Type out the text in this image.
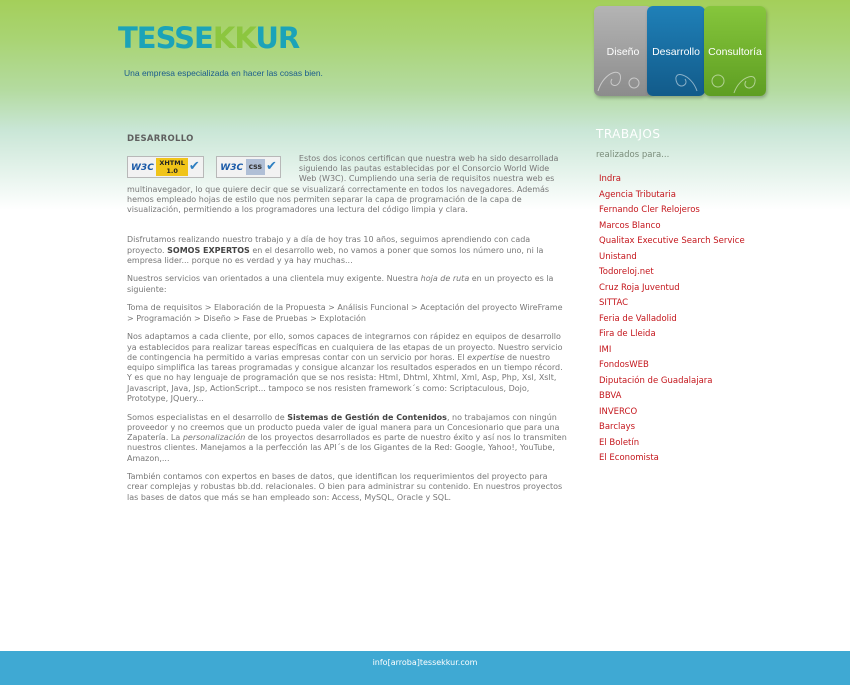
TESSEKKUR
Una empresa especializada en hacer las cosas bien.
Diseño	Desarrollo Consultoría
DESARROLLO
W3C XHTML
1.0 ✔ W3C css ✔

Estos dos iconos certifican que nuestra web ha sido desarrollada siguiendo las pautas establecidas por el Consorcio World Wide Web (W3C). Cumpliendo una seria de requisitos nuestra web es multinavegador, lo que quiere decir que se visualizará correctamente en todos los navegadores. Además hemos empleado hojas de estilo que nos permiten separar la capa de programación de la capa de visualización, permitiendo a los programadores una lectura del código limpia y clara.

Disfrutamos realizando nuestro trabajo y a día de hoy tras 10 años, seguimos aprendiendo con cada proyecto. SOMOS EXPERTOS en el desarrollo web, no vamos a poner que somos los número uno, ni la empresa lider... porque no es verdad y ya hay muchas...

Nuestros servicios van orientados a una clientela muy exigente. Nuestra hoja de ruta en un proyecto es la siguiente:

Toma de requisitos > Elaboración de la Propuesta > Análisis Funcional > Aceptación del proyecto WireFrame > Programación > Diseño > Fase de Pruebas > Explotación

Nos adaptamos a cada cliente, por ello, somos capaces de integrarnos con rápidez en equipos de desarrollo ya establecidos para realizar tareas específicas en cualquiera de las etapas de un proyecto. Nuestro servicio de contingencia ha permitido a varias empresas contar con un servicio por horas. El expertise de nuestro equipo simplifica las tareas programadas y consigue alcanzar los resultados esperados en un tiempo récord. Y es que no hay lenguaje de programación que se nos resista: Html, Dhtml, Xhtml, Xml, Asp, Php, Xsl, Xslt, Javascript, Java, Jsp, ActionScript... tampoco se nos resisten framework´s como: Scriptaculous, Dojo, Prototype, JQuery...

Somos especialistas en el desarrollo de Sistemas de Gestión de Contenidos, no trabajamos con ningún proveedor y no creemos que un producto pueda valer de igual manera para un Concesionario que para una Zapatería. La personalización de los proyectos desarrollados es parte de nuestro éxito y así nos lo transmiten nuestros clientes. Manejamos a la perfección las API´s de los Gigantes de la Red: Google, Yahoo!, YouTube, Amazon,...

También contamos con expertos en bases de datos, que identifican los requerimientos del proyecto para crear complejas y robustas bb.dd. relacionales. O bien para administrar su contenido. En nuestros proyectos las bases de datos que más se han empleado son: Access, MySQL, Oracle y SQL.

TRABAJOS
realizados para...
Indra
Agencia Tributaria
Fernando Cler Relojeros
Marcos Blanco
Qualitax Executive Search Service
Unistand
Todoreloj.net
Cruz Roja Juventud
SITTAC
Feria de Valladolid
Fira de Lleida
IMI
FondosWEB
Diputación de Guadalajara
BBVA
INVERCO
Barclays
El Boletín
El Economista
info[arroba]tessekkur.com
